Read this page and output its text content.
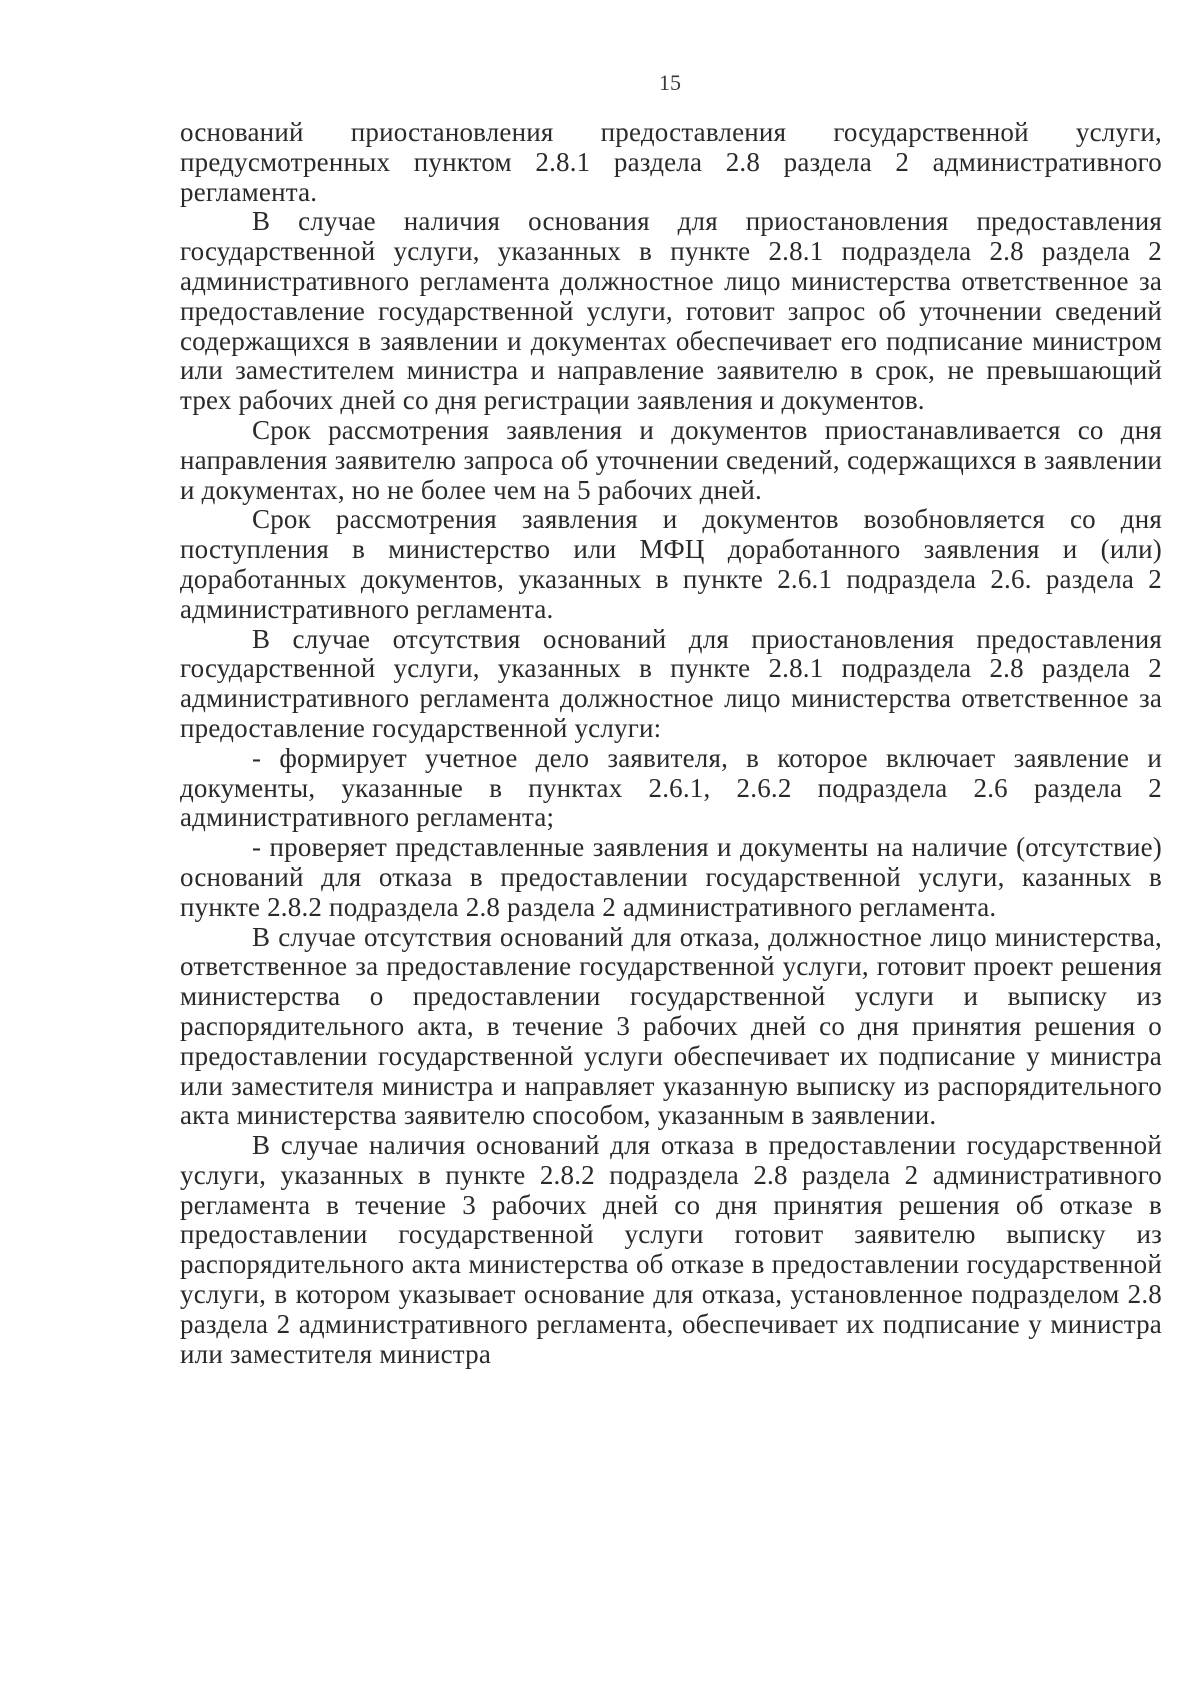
15

оснований приостановления предоставления государственной услуги, предусмотренных пунктом 2.8.1 раздела 2.8 раздела 2 административного регламента.

В случае наличия основания для приостановления предоставления государственной услуги, указанных в пункте 2.8.1 подраздела 2.8 раздела 2 административного регламента должностное лицо министерства ответственное за предоставление государственной услуги, готовит запрос об уточнении сведений содержащихся в заявлении и документах обеспечивает его подписание министром или заместителем министра и направление заявителю в срок, не превышающий трех рабочих дней со дня регистрации заявления и документов.

Срок рассмотрения заявления и документов приостанавливается со дня направления заявителю запроса об уточнении сведений, содержащихся в заявлении и документах, но не более чем на 5 рабочих дней.

Срок рассмотрения заявления и документов возобновляется со дня поступления в министерство или МФЦ доработанного заявления и (или) доработанных документов, указанных в пункте 2.6.1 подраздела 2.6. раздела 2 административного регламента.

В случае отсутствия оснований для приостановления предоставления государственной услуги, указанных в пункте 2.8.1 подраздела 2.8 раздела 2 административного регламента должностное лицо министерства ответственное за предоставление государственной услуги:

- формирует учетное дело заявителя, в которое включает заявление и документы, указанные в пунктах 2.6.1, 2.6.2 подраздела 2.6 раздела 2 административного регламента;

- проверяет представленные заявления и документы на наличие (отсутствие) оснований для отказа в предоставлении государственной услуги, казанных в пункте 2.8.2 подраздела 2.8 раздела 2 административного регламента.

В случае отсутствия оснований для отказа, должностное лицо министерства, ответственное за предоставление государственной услуги, готовит проект решения министерства о предоставлении государственной услуги и выписку из распорядительного акта, в течение 3 рабочих дней со дня принятия решения о предоставлении государственной услуги обеспечивает их подписание у министра или заместителя министра и направляет указанную выписку из распорядительного акта министерства заявителю способом, указанным в заявлении.

В случае наличия оснований для отказа в предоставлении государственной услуги, указанных в пункте 2.8.2 подраздела 2.8 раздела 2 административного регламента в течение 3 рабочих дней со дня принятия решения об отказе в предоставлении государственной услуги готовит заявителю выписку из распорядительного акта министерства об отказе в предоставлении государственной услуги, в котором указывает основание для отказа, установленное подразделом 2.8 раздела 2 административного регламента, обеспечивает их подписание у министра или заместителя министра
